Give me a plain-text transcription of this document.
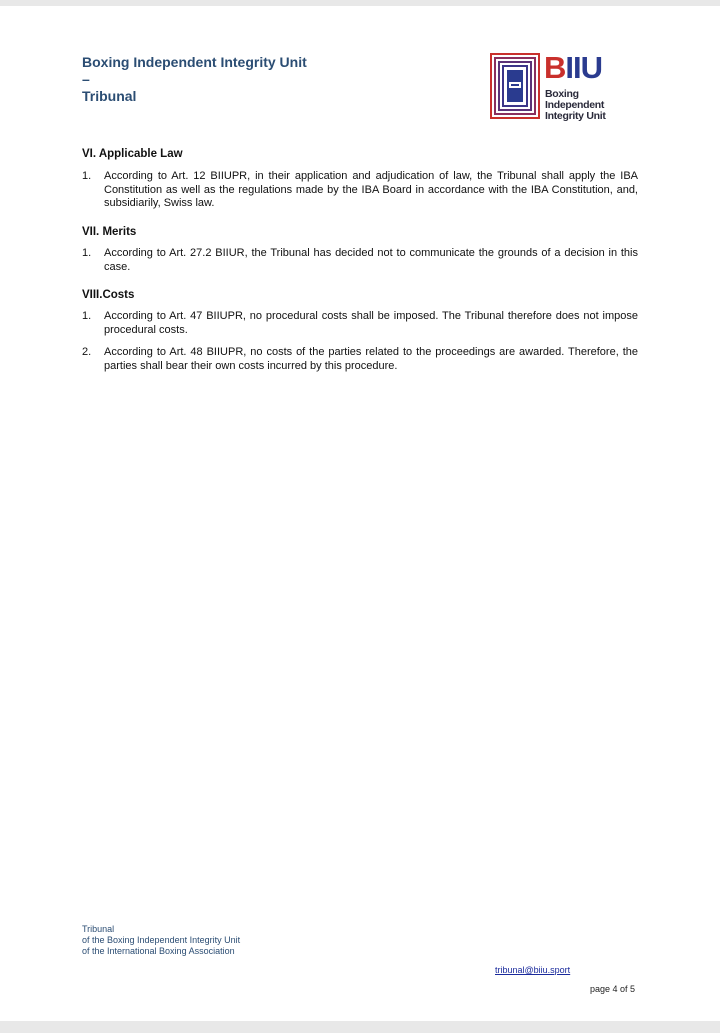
Boxing Independent Integrity Unit
–
Tribunal
BIIU
Boxing
Independent
Integrity Unit
VI. Applicable Law
1. According to Art. 12 BIIUPR, in their application and adjudication of law, the Tribunal shall apply the IBA Constitution as well as the regulations made by the IBA Board in accordance with the IBA Constitution, and, subsidiarily, Swiss law.
VII. Merits
1. According to Art. 27.2 BIIUR, the Tribunal has decided not to communicate the grounds of a decision in this case.
VIII.Costs
1. According to Art. 47 BIIUPR, no procedural costs shall be imposed. The Tribunal therefore does not impose procedural costs.
2. According to Art. 48 BIIUPR, no costs of the parties related to the proceedings are awarded. Therefore, the parties shall bear their own costs incurred by this procedure.
Tribunal
of the Boxing Independent Integrity Unit
of the International Boxing Association
tribunal@biiu.sport
page 4 of 5
